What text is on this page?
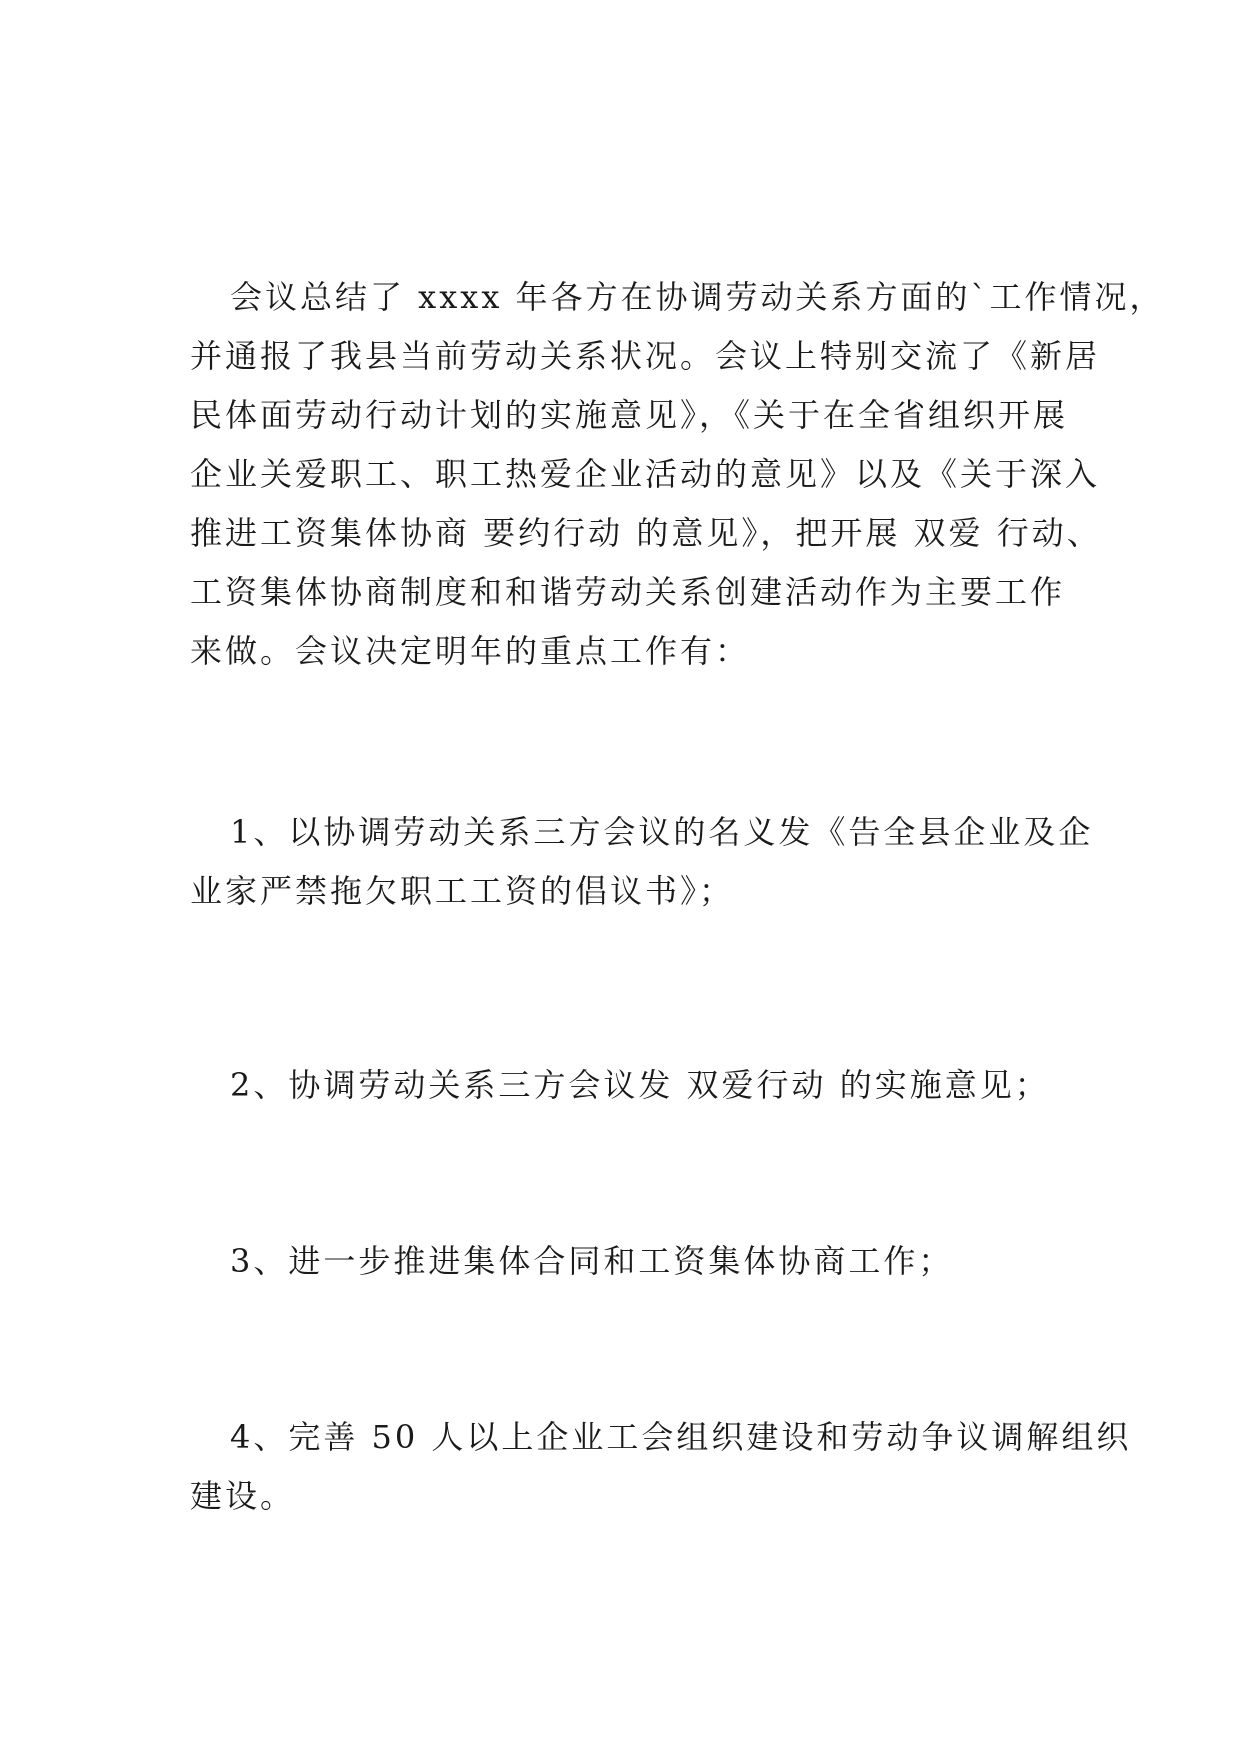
会议总结了 xxxx 年各方在协调劳动关系方面的`工作情况，
并通报了我县当前劳动关系状况。会议上特别交流了《新居
民体面劳动行动计划的实施意见》，《关于在全省组织开展
企业关爱职工、职工热爱企业活动的意见》以及《关于深入
推进工资集体协商 要约行动 的意见》，把开展 双爱 行动、
工资集体协商制度和和谐劳动关系创建活动作为主要工作
来做。会议决定明年的重点工作有：
1、以协调劳动关系三方会议的名义发《告全县企业及企
业家严禁拖欠职工工资的倡议书》；
2、协调劳动关系三方会议发 双爱行动 的实施意见；
3、进一步推进集体合同和工资集体协商工作；
4、完善 50 人以上企业工会组织建设和劳动争议调解组织
建设。
